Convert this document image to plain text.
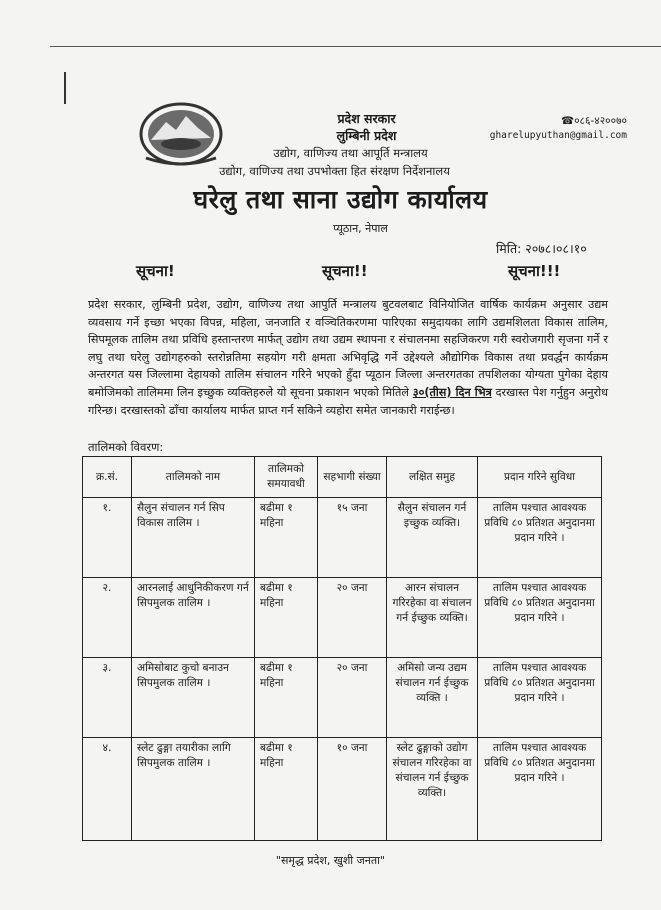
प्रदेश सरकार
लुम्बिनी प्रदेश
उद्योग, वाणिज्य तथा आपूर्ति मन्त्रालय
उद्योग, वाणिज्य तथा उपभोक्ता हित संरक्षण निर्देशनालय
घरेलु तथा साना उद्योग कार्यालय
प्यूठान, नेपाल
☎०८६-४२००७०
gharelupyuthan@gmail.com
मिति: २०७८।०८।१०
सूचना!	सूचना!!	सूचना!!!
प्रदेश सरकार, लुम्बिनी प्रदेश, उद्योग, वाणिज्य तथा आपुर्ति मन्त्रालय बुटवलबाट विनियोजित वार्षिक कार्यक्रम अनुसार उद्यम व्यवसाय गर्ने इच्छा भएका विपन्न, महिला, जनजाति र वञ्चितिकरणमा पारिएका समुदायका लागि उद्यमशिलता विकास तालिम, सिपमूलक तालिम तथा प्रविधि हस्तान्तरण मार्फत् उद्योग तथा उद्यम स्थापना र संचालनमा सहजिकरण गरी स्वरोजगारी सृजना गर्ने र लघु तथा घरेलु उद्योगहरुको स्तरोन्नतिमा सहयोग गरी क्षमता अभिवृद्धि गर्ने उद्देश्यले औद्योगिक विकास तथा प्रवर्द्धन कार्यक्रम अन्तरगत यस जिल्लामा देहायको तालिम संचालन गरिने भएको हुँदा प्यूठान जिल्ला अन्तरगतका तपशिलका योग्यता पुगेका देहाय बमोजिमको तालिममा लिन इच्छुक व्यक्तिहरुले यो सूचना प्रकाशन भएको मितिले ३०(तीस) दिन भित्र दरखास्त पेश गर्नुहुन अनुरोध गरिन्छ। दरखास्तको ढाँचा कार्यालय मार्फत प्राप्त गर्न सकिने व्यहोरा समेत जानकारी गराईन्छ।
तालिमको विवरण:
क्र.सं.	तालिमको नाम	तालिमको समयावधी	सहभागी संख्या	लक्षित समुह	प्रदान गरिने सुविधा
१.	सैलुन संचालन गर्न सिप विकास तालिम ।	बढीमा १ महिना	१५ जना	सैलुन संचालन गर्न इच्छुक व्यक्ति।	तालिम पश्चात आवश्यक प्रविधि ८० प्रतिशत अनुदानमा प्रदान गरिने ।
२.	आरनलाई आधुनिकीकरण गर्न सिपमुलक तालिम ।	बढीमा १ महिना	२० जना	आरन संचालन गरिरहेका वा संचालन गर्न ईच्छुक व्यक्ति।	तालिम पश्चात आवश्यक प्रविधि ८० प्रतिशत अनुदानमा प्रदान गरिने ।
३.	अमिसोबाट कुचो बनाउन सिपमुलक तालिम ।	बढीमा १ महिना	२० जना	अमिसो जन्य उद्यम संचालन गर्न ईच्छुक व्यक्ति ।	तालिम पश्चात आवश्यक प्रविधि ८० प्रतिशत अनुदानमा प्रदान गरिने ।
४.	स्लेट ढुङ्गा तयारीका लागि सिपमुलक तालिम ।	बढीमा १ महिना	१० जना	स्लेट ढुङ्गाको उद्योग संचालन गरिरहेका वा संचालन गर्न ईच्छुक व्यक्ति।	तालिम पश्चात आवश्यक प्रविधि ८० प्रतिशत अनुदानमा प्रदान गरिने ।
"समृद्ध प्रदेश, खुशी जनता"
